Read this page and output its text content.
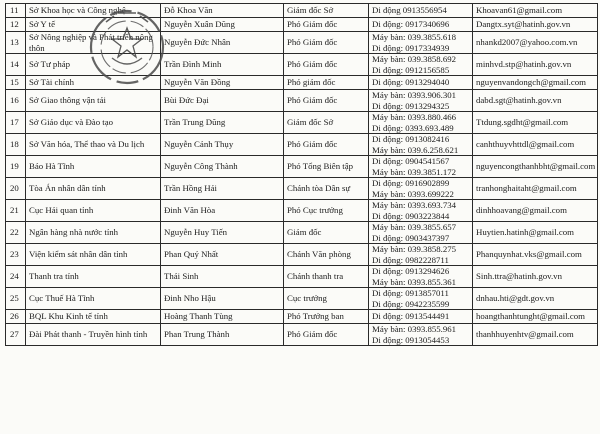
11	Sở Khoa học và Công nghệ	Đỗ Khoa Văn	Giám đốc Sở	Di động 0913556954	Khoavan61@gmail.com
12	Sở Y tế	Nguyễn Xuân Dũng	Phó Giám đốc	Di động: 0917340696	Dangtx.syt@hatinh.gov.vn
13	Sở Nông nghiệp và Phát triển nông thôn	Nguyễn Đức Nhân	Phó Giám đốc	Máy bàn: 039.3855.618
Di động: 0917334939	nhankd2007@yahoo.com.vn
14	Sở Tư pháp	Trần Đình Minh	Phó Giám đốc	Máy bàn: 039.3858.692
Di động: 0912156585	minhvd.stp@hatinh.gov.vn
15	Sở Tài chính	Nguyễn Văn Đồng	Phó giám đốc	Di động: 0913294040	nguyenvandongch@gmail.com
16	Sở Giao thông vận tải	Bùi Đức Đại	Phó Giám đốc	Máy bàn: 0393.906.301
Di động: 0913294325	dabd.sgt@hatinh.gov.vn
17	Sở Giáo dục và Đào tạo	Trần Trung Dũng	Giám đốc Sở	Máy bàn: 0393.880.466
Di động: 0393.693.489	Ttdung.sgdht@gmail.com
18	Sở Văn hóa, Thể thao và Du lịch	Nguyễn Cảnh Thụy	Phó Giám đốc	Di động: 0913082416
Máy bàn: 039.6.258.621	canhthuyvhttdl@gmail.com
19	Báo Hà Tĩnh	Nguyễn Công Thành	Phó Tổng Biên tập	Di động: 0904541567
Máy bàn: 039.3851.172	nguyencongthanhbht@gmail.com
20	Tòa Án nhân dân tỉnh	Trần Hồng Hải	Chánh tòa Dân sự	Di động: 0916902899
Máy bàn: 0393.699222	tranhonghaitaht@gmail.com
21	Cục Hải quan tỉnh	Đinh Văn Hòa	Phó Cục trưởng	Máy bàn: 0393.693.734
Di động: 0903223844	dinhhoavang@gmail.com
22	Ngân hàng nhà nước tỉnh	Nguyễn Huy Tiến	Giám đốc	Máy bàn: 039.3855.657
Di động: 0903437397	Huytien.hatinh@gmail.com
23	Viện kiểm sát nhân dân tỉnh	Phan Quý Nhất	Chánh Văn phòng	Máy bàn: 039.3858.275
Di động: 0982228711	Phanquynhat.vks@gmail.com
24	Thanh tra tỉnh	Thái Sinh	Chánh thanh tra	Di động: 0913294626
Máy bàn: 0393.855.361	Sinh.ttra@hatinh.gov.vn
25	Cục Thuế Hà Tĩnh	Đinh Nho Hậu	Cục trưởng	Di động: 0913857011
Di động: 0942235599	dnhau.hti@gdt.gov.vn
26	BQL Khu Kinh tế tỉnh	Hoàng Thanh Tùng	Phó Trưởng ban	Di động: 0913544491	hoangthanhtunght@gmail.com
27	Đài Phát thanh - Truyền hình tỉnh	Phan Trung Thành	Phó Giám đốc	Máy bàn: 0393.855.961
Di động: 0913054453	thanhhuyenhtv@gmail.com
